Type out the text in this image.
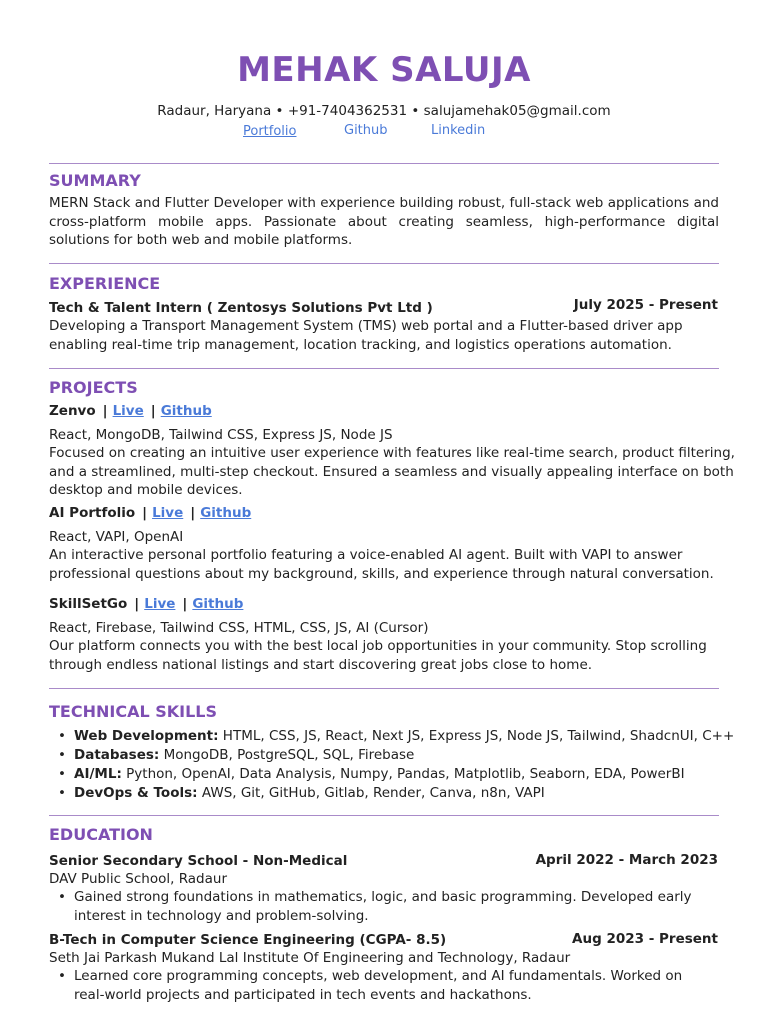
MEHAK SALUJA
Radaur, Haryana • +91-7404362531 • salujamehak05@gmail.com
Portfolio	Github	Linkedin
SUMMARY
MERN Stack and Flutter Developer with experience building robust, full-stack web applications and cross-platform mobile apps. Passionate about creating seamless, high-performance digital solutions for both web and mobile platforms.
EXPERIENCE
Tech & Talent Intern ( Zentosys Solutions Pvt Ltd )	July 2025 - Present
Developing a Transport Management System (TMS) web portal and a Flutter-based driver app enabling real-time trip management, location tracking, and logistics operations automation.
PROJECTS
Zenvo | Live | Github
React, MongoDB, Tailwind CSS, Express JS, Node JS
Focused on creating an intuitive user experience with features like real-time search, product filtering, and a streamlined, multi-step checkout. Ensured a seamless and visually appealing interface on both desktop and mobile devices.
AI Portfolio | Live | Github
React, VAPI, OpenAI
An interactive personal portfolio featuring a voice-enabled AI agent. Built with VAPI to answer professional questions about my background, skills, and experience through natural conversation.
SkillSetGo | Live | Github
React, Firebase, Tailwind CSS, HTML, CSS, JS, AI (Cursor)
Our platform connects you with the best local job opportunities in your community. Stop scrolling through endless national listings and start discovering great jobs close to home.
TECHNICAL SKILLS
• Web Development: HTML, CSS, JS, React, Next JS, Express JS, Node JS, Tailwind, ShadcnUI, C++
• Databases: MongoDB, PostgreSQL, SQL, Firebase
• AI/ML: Python, OpenAI, Data Analysis, Numpy, Pandas, Matplotlib, Seaborn, EDA, PowerBI
• DevOps & Tools: AWS, Git, GitHub, Gitlab, Render, Canva, n8n, VAPI
EDUCATION
Senior Secondary School - Non-Medical	April 2022 - March 2023
DAV Public School, Radaur
• Gained strong foundations in mathematics, logic, and basic programming. Developed early interest in technology and problem-solving.
B-Tech in Computer Science Engineering (CGPA- 8.5)	Aug 2023 - Present
Seth Jai Parkash Mukand Lal Institute Of Engineering and Technology, Radaur
• Learned core programming concepts, web development, and AI fundamentals. Worked on real-world projects and participated in tech events and hackathons.
